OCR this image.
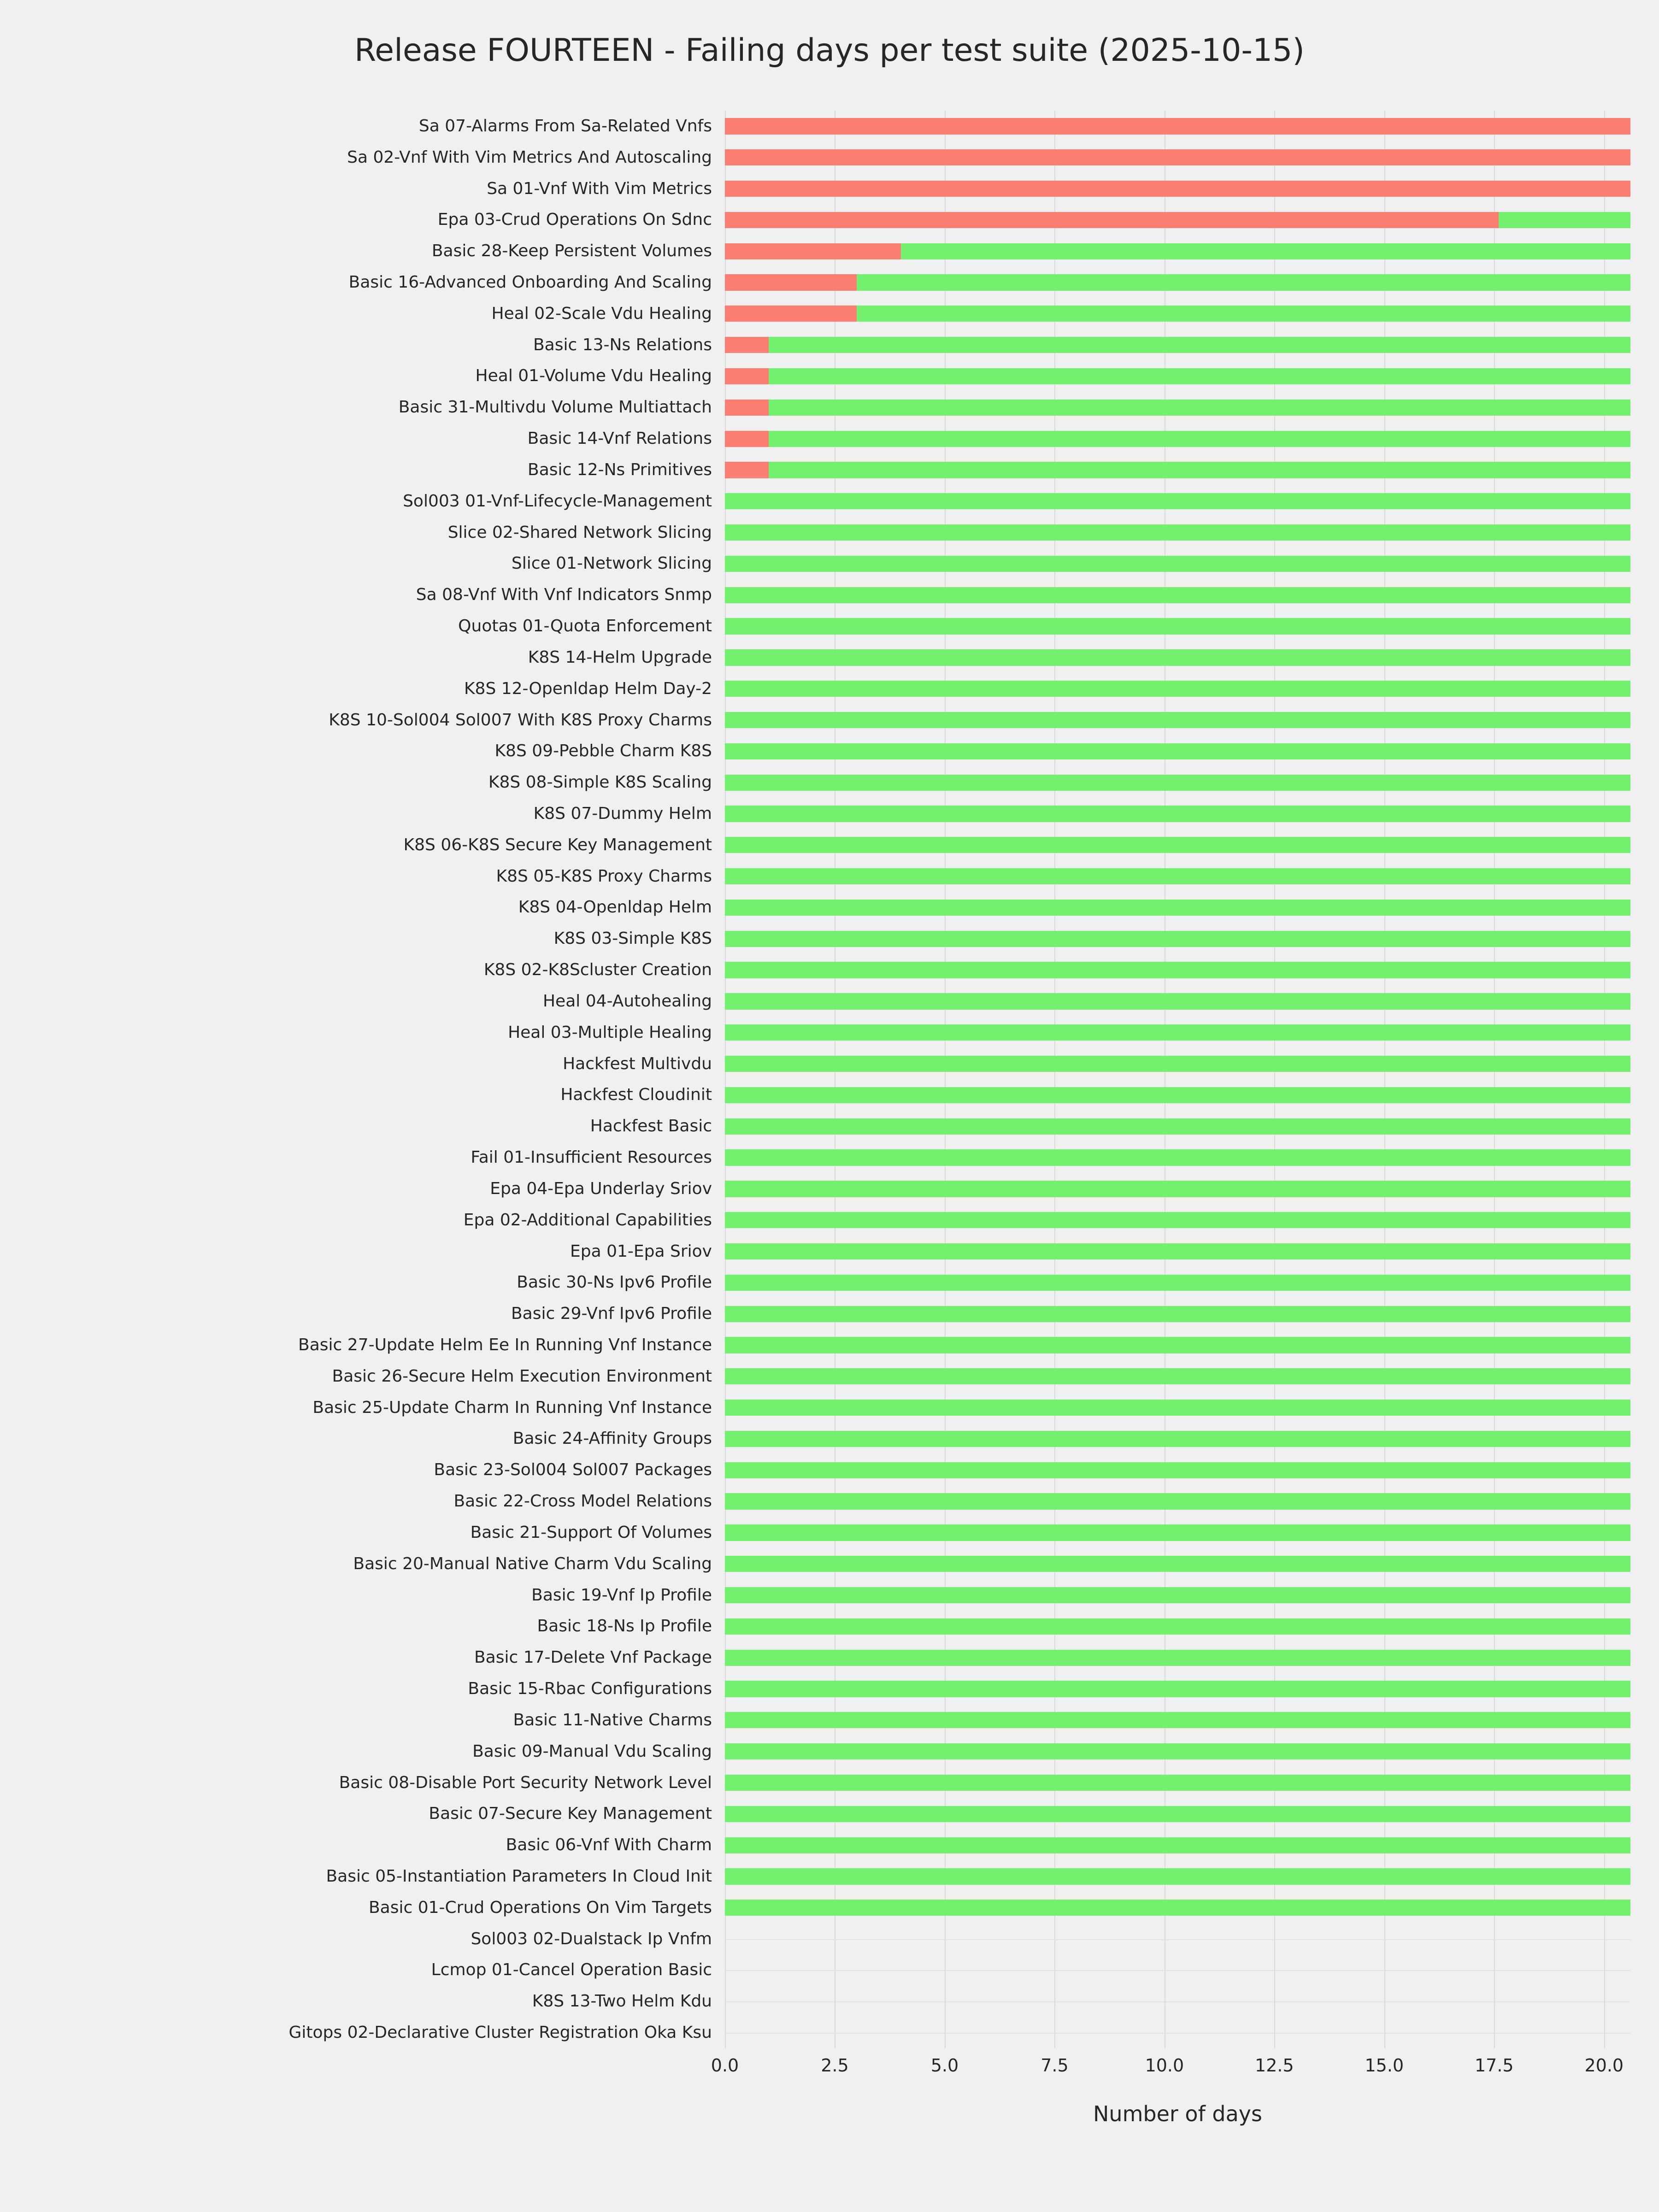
Release FOURTEEN - Failing days per test suite (2025-10-15)
Sa 07-Alarms From Sa-Related Vnfs
Sa 02-Vnf With Vim Metrics And Autoscaling
Sa 01-Vnf With Vim Metrics
Epa 03-Crud Operations On Sdnc
Basic 28-Keep Persistent Volumes
Basic 16-Advanced Onboarding And Scaling
Heal 02-Scale Vdu Healing
Basic 13-Ns Relations
Heal 01-Volume Vdu Healing
Basic 31-Multivdu Volume Multiattach
Basic 14-Vnf Relations
Basic 12-Ns Primitives
Sol003 01-Vnf-Lifecycle-Management
Slice 02-Shared Network Slicing
Slice 01-Network Slicing
Sa 08-Vnf With Vnf Indicators Snmp
Quotas 01-Quota Enforcement
K8S 14-Helm Upgrade
K8S 12-Openldap Helm Day-2
K8S 10-Sol004 Sol007 With K8S Proxy Charms
K8S 09-Pebble Charm K8S
K8S 08-Simple K8S Scaling
K8S 07-Dummy Helm
K8S 06-K8S Secure Key Management
K8S 05-K8S Proxy Charms
K8S 04-Openldap Helm
K8S 03-Simple K8S
K8S 02-K8Scluster Creation
Heal 04-Autohealing
Heal 03-Multiple Healing
Hackfest Multivdu
Hackfest Cloudinit
Hackfest Basic
Fail 01-Insufficient Resources
Epa 04-Epa Underlay Sriov
Epa 02-Additional Capabilities
Epa 01-Epa Sriov
Basic 30-Ns Ipv6 Profile
Basic 29-Vnf Ipv6 Profile
Basic 27-Update Helm Ee In Running Vnf Instance
Basic 26-Secure Helm Execution Environment
Basic 25-Update Charm In Running Vnf Instance
Basic 24-Affinity Groups
Basic 23-Sol004 Sol007 Packages
Basic 22-Cross Model Relations
Basic 21-Support Of Volumes
Basic 20-Manual Native Charm Vdu Scaling
Basic 19-Vnf Ip Profile
Basic 18-Ns Ip Profile
Basic 17-Delete Vnf Package
Basic 15-Rbac Configurations
Basic 11-Native Charms
Basic 09-Manual Vdu Scaling
Basic 08-Disable Port Security Network Level
Basic 07-Secure Key Management
Basic 06-Vnf With Charm
Basic 05-Instantiation Parameters In Cloud Init
Basic 01-Crud Operations On Vim Targets
Sol003 02-Dualstack Ip Vnfm
Lcmop 01-Cancel Operation Basic
K8S 13-Two Helm Kdu
Gitops 02-Declarative Cluster Registration Oka Ksu
0.0	2.5	5.0	7.5	10.0	12.5	15.0	17.5	20.0
Number of days
